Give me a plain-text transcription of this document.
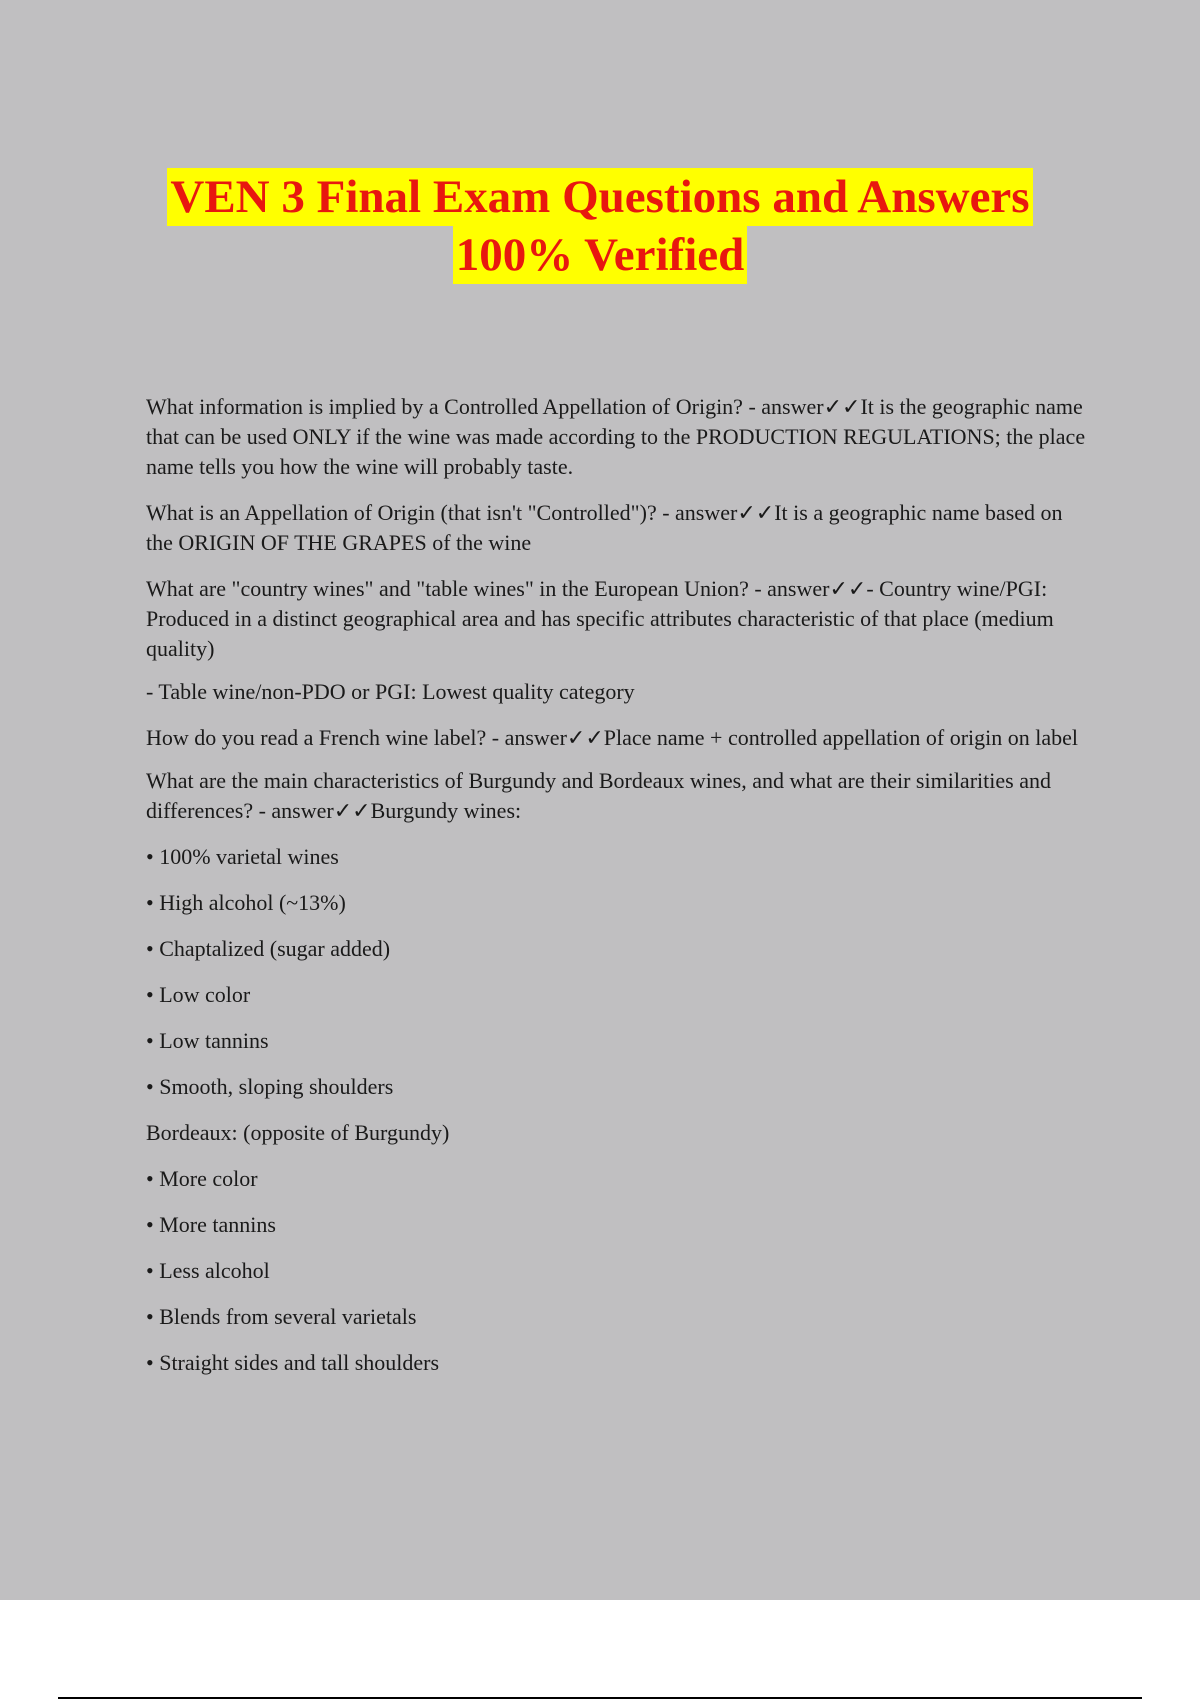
VEN 3 Final Exam Questions and Answers
100% Verified

What information is implied by a Controlled Appellation of Origin? - answer✓✓It is the geographic name that can be used ONLY if the wine was made according to the PRODUCTION REGULATIONS; the place name tells you how the wine will probably taste.

What is an Appellation of Origin (that isn't "Controlled")? - answer✓✓It is a geographic name based on the ORIGIN OF THE GRAPES of the wine

What are "country wines" and "table wines" in the European Union? - answer✓✓- Country wine/PGI: Produced in a distinct geographical area and has specific attributes characteristic of that place (medium quality)

- Table wine/non-PDO or PGI: Lowest quality category

How do you read a French wine label? - answer✓✓Place name + controlled appellation of origin on label

What are the main characteristics of Burgundy and Bordeaux wines, and what are their similarities and differences? - answer✓✓Burgundy wines:

• 100% varietal wines

• High alcohol (~13%)

• Chaptalized (sugar added)

• Low color

• Low tannins

• Smooth, sloping shoulders

Bordeaux: (opposite of Burgundy)

• More color

• More tannins

• Less alcohol

• Blends from several varietals

• Straight sides and tall shoulders
